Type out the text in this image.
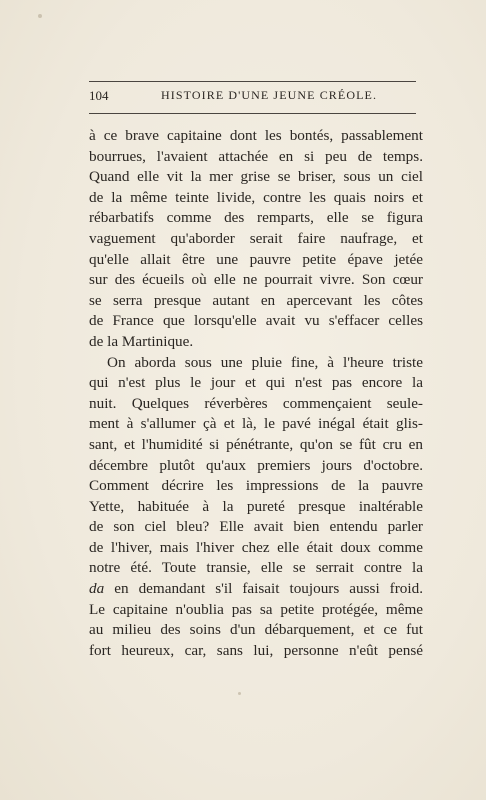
104	HISTOIRE D'UNE JEUNE CRÉOLE.
à ce brave capitaine dont les bontés, passablement
bourrues, l'avaient attachée en si peu de temps.
Quand elle vit la mer grise se briser, sous un ciel
de la même teinte livide, contre les quais noirs et
rébarbatifs comme des remparts, elle se figura
vaguement qu'aborder serait faire naufrage, et
qu'elle allait être une pauvre petite épave jetée
sur des écueils où elle ne pourrait vivre. Son cœur
se serra presque autant en apercevant les côtes
de France que lorsqu'elle avait vu s'effacer celles
de la Martinique.
On aborda sous une pluie fine, à l'heure triste
qui n'est plus le jour et qui n'est pas encore la
nuit. Quelques réverbères commençaient seule-
ment à s'allumer çà et là, le pavé inégal était glis-
sant, et l'humidité si pénétrante, qu'on se fût cru en
décembre plutôt qu'aux premiers jours d'octobre.
Comment décrire les impressions de la pauvre
Yette, habituée à la pureté presque inaltérable
de son ciel bleu? Elle avait bien entendu parler
de l'hiver, mais l'hiver chez elle était doux comme
notre été. Toute transie, elle se serrait contre la
da en demandant s'il faisait toujours aussi froid.
Le capitaine n'oublia pas sa petite protégée, même
au milieu des soins d'un débarquement, et ce fut
fort heureux, car, sans lui, personne n'eût pensé
